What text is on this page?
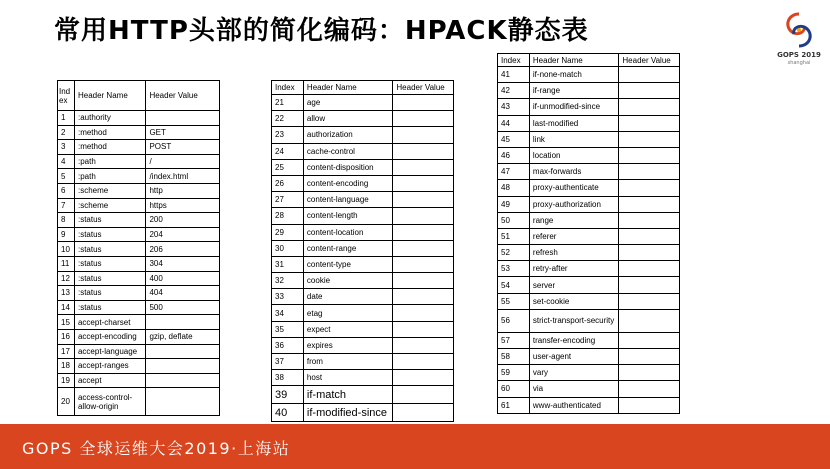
常用HTTP头部的简化编码：HPACK静态表
GOPS 2019
shanghai
Index	Header Name	Header Value
1	:authority	
2	:method	GET
3	:method	POST
4	:path	/
5	:path	/index.html
6	:scheme	http
7	:scheme	https
8	:status	200
9	:status	204
10	:status	206
11	:status	304
12	:status	400
13	:status	404
14	:status	500
15	accept-charset	
16	accept-encoding	gzip, deflate
17	accept-language	
18	accept-ranges	
19	accept	
20	access-control-allow-origin	
Index	Header Name	Header Value
21	age	
22	allow	
23	authorization	
24	cache-control	
25	content-disposition	
26	content-encoding	
27	content-language	
28	content-length	
29	content-location	
30	content-range	
31	content-type	
32	cookie	
33	date	
34	etag	
35	expect	
36	expires	
37	from	
38	host	
39	if-match	
40	if-modified-since	
Index	Header Name	Header Value
41	if-none-match	
42	if-range	
43	if-unmodified-since	
44	last-modified	
45	link	
46	location	
47	max-forwards	
48	proxy-authenticate	
49	proxy-authorization	
50	range	
51	referer	
52	refresh	
53	retry-after	
54	server	
55	set-cookie	
56	strict-transport-security	
57	transfer-encoding	
58	user-agent	
59	vary	
60	via	
61	www-authenticated	
GOPS 全球运维大会2019·上海站
